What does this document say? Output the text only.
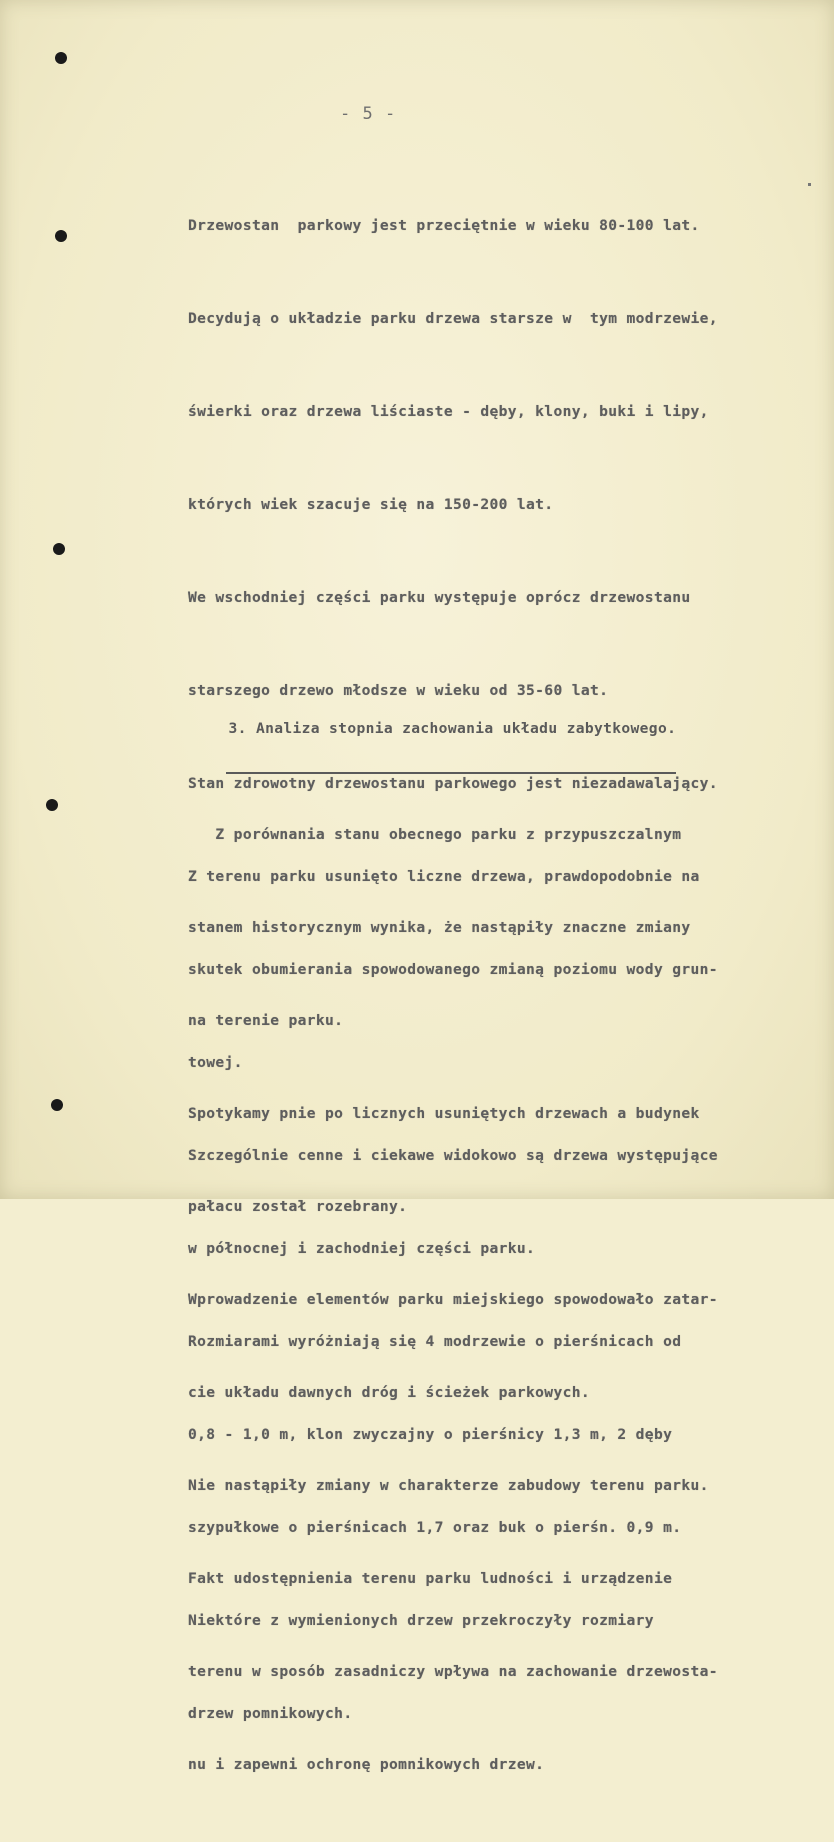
- 5 -

Drzewostan  parkowy jest przeciętnie w wieku 80-100 lat.

Decydują o układzie parku drzewa starsze w  tym modrzewie,

świerki oraz drzewa liściaste - dęby, klony, buki i lipy,

których wiek szacuje się na 150-200 lat.

We wschodniej części parku występuje oprócz drzewostanu

starszego drzewo młodsze w wieku od 35-60 lat.

Stan zdrowotny drzewostanu parkowego jest niezadawalający.

Z terenu parku usunięto liczne drzewa, prawdopodobnie na

skutek obumierania spowodowanego zmianą poziomu wody grun-

towej.

Szczególnie cenne i ciekawe widokowo są drzewa występujące

w północnej i zachodniej części parku.

Rozmiarami wyróżniają się 4 modrzewie o pierśnicach od

0,8 - 1,0 m, klon zwyczajny o pierśnicy 1,3 m, 2 dęby

szypułkowe o pierśnicach 1,7 oraz buk o pierśn. 0,9 m.

Niektóre z wymienionych drzew przekroczyły rozmiary

drzew pomnikowych.

3. Analiza stopnia zachowania układu zabytkowego.

Z porównania stanu obecnego parku z przypuszczalnym

stanem historycznym wynika, że nastąpiły znaczne zmiany

na terenie parku.

Spotykamy pnie po licznych usuniętych drzewach a budynek

pałacu został rozebrany.

Wprowadzenie elementów parku miejskiego spowodowało zatar-

cie układu dawnych dróg i ścieżek parkowych.

Nie nastąpiły zmiany w charakterze zabudowy terenu parku.

Fakt udostępnienia terenu parku ludności i urządzenie

terenu w sposób zasadniczy wpływa na zachowanie drzewosta-

nu i zapewni ochronę pomnikowych drzew.
